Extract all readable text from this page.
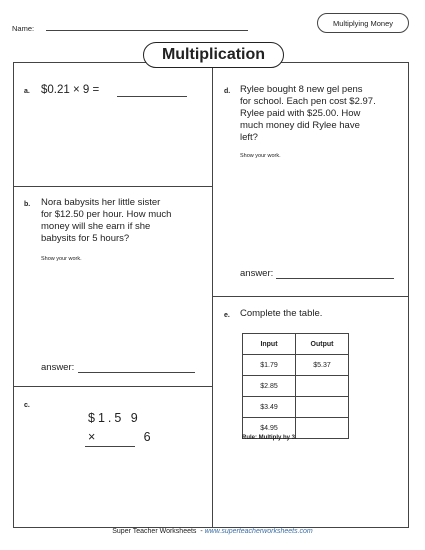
Name:
Multiplying Money
Multiplication
a. $0.21 × 9 =
b. Nora babysits her little sister
for $12.50 per hour. How much
money will she earn if she
babysits for 5 hours?
Show your work.
answer:
c.
$1.5 9
×       6
d. Rylee bought 8 new gel pens
for school. Each pen cost $2.97.
Rylee paid with $25.00. How
much money did Rylee have
left?
Show your work.
answer:
e. Complete the table.
Input	Output
$1.79	$5.37
$2.85	
$3.49	
$4.95	
Rule: Multiply by 3.
Super Teacher Worksheets  - www.superteacherworksheets.com
